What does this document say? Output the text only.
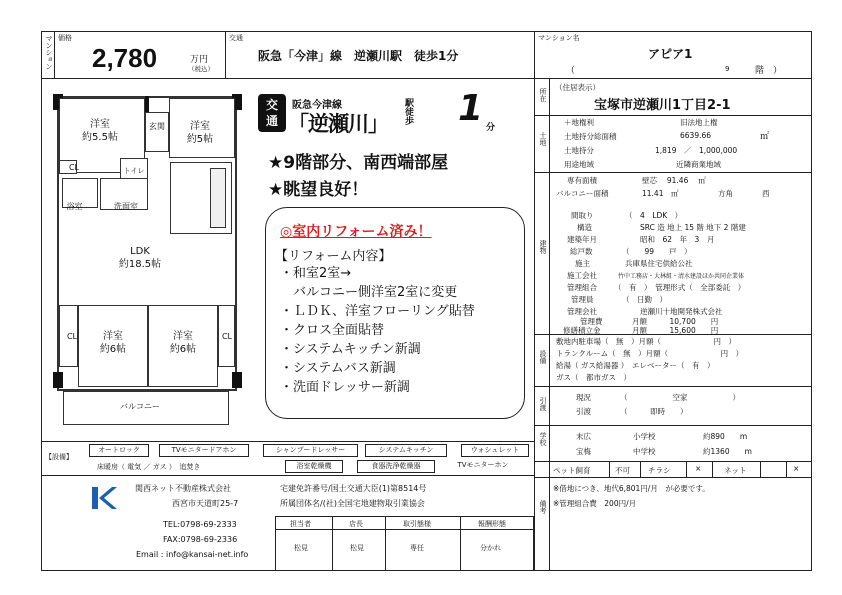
マンション 価格
2,780	万円
（税込）
交通
阪急「今津」線　逆瀬川駅　徒歩1分
マンション名
アピア1
（	9	階　）
洋室
約5.5帖
玄関	洋室
約5帖
CL	トイレ
浴室	洗面室
LDK
約18.5帖
洋室
約6帖
洋室
約6帖
CL	CL
バルコニー
交
通
阪急今津線
「逆瀬川」 駅徒歩 1 分
★9階部分、南西端部屋
★眺望良好！
◎室内リフォーム済み！
【リフォーム内容】
・和室2室→
　バルコニー側洋室2室に変更
・ＬＤＫ、洋室フローリング貼替
・クロス全面貼替
・システムキッチン新調
・システムバス新調
・洗面ドレッサー新調
【設備】
オートロック	TVモニタードアホン	シャンプードレッサー	システムキッチン	ウォシュレット
床暖房（ 電気 ／ ガス ）　追焚き	浴室乾燥機	食器洗浄乾燥器	TVモニターホン
関西ネット不動産株式会社
西宮市天道町25-7
宅建免許番号/国土交通大臣(1)第8514号
所属団体名/(社)全国宅地建物取引業協会
TEL:0798-69-2333
FAX:0798-69-2336
Email : info@kansai-net.info
担当者	店長	取引態様	報酬形態
松見	松見	専任	分かれ
所在
土地
建物
設備
引渡
学校
備考
（住居表示）
宝塚市逆瀬川1丁目2-1
＋地権利	旧法地上権
土地持分総面積	6639.66	㎡
土地持分	1,819　／　1,000,000
用途地域	近隣商業地域
専有面積	壁芯　 91.46　 ㎡
バルコニー面積	11.41　㎡	方角	西
間取り	（　4　LDK　）
構造	SRC 造 地上 15 階 地下 2 階建
建築年月	昭和　62　年　3　月
総戸数	（　　99　　戸　）
施主	兵庫県住宅供給公社
施工会社	竹中工務店・大林組・清水建設ほか共同企業体
管理組合 （　有　）　管理形式（　全部委託　）
管理員	（　日勤　）
管理会社	逆瀬川十地開発株式会社
管理費	月額　　　10,700　　円
修繕積立金	月額　　　15,600　　円
敷地内駐車場（　無　）月額（　　　　　　　円　）
トランクルーム（　無　）月額（　　　　　　　円　）
給湯（ ガス給湯器 ）　エレベーター（　有　）
ガス（　都市ガス　）
現況	（　　　　　　空家　　　　　　）
引渡	（　　　即時　　）
末広	小学校	約890　　m
宝梅	中学校	約1360　　m
ペット飼育	不可 チラシ	×	ネット	×
※借地につき、地代6,801円/月　が必要です。
※管理組合費　200円/月
